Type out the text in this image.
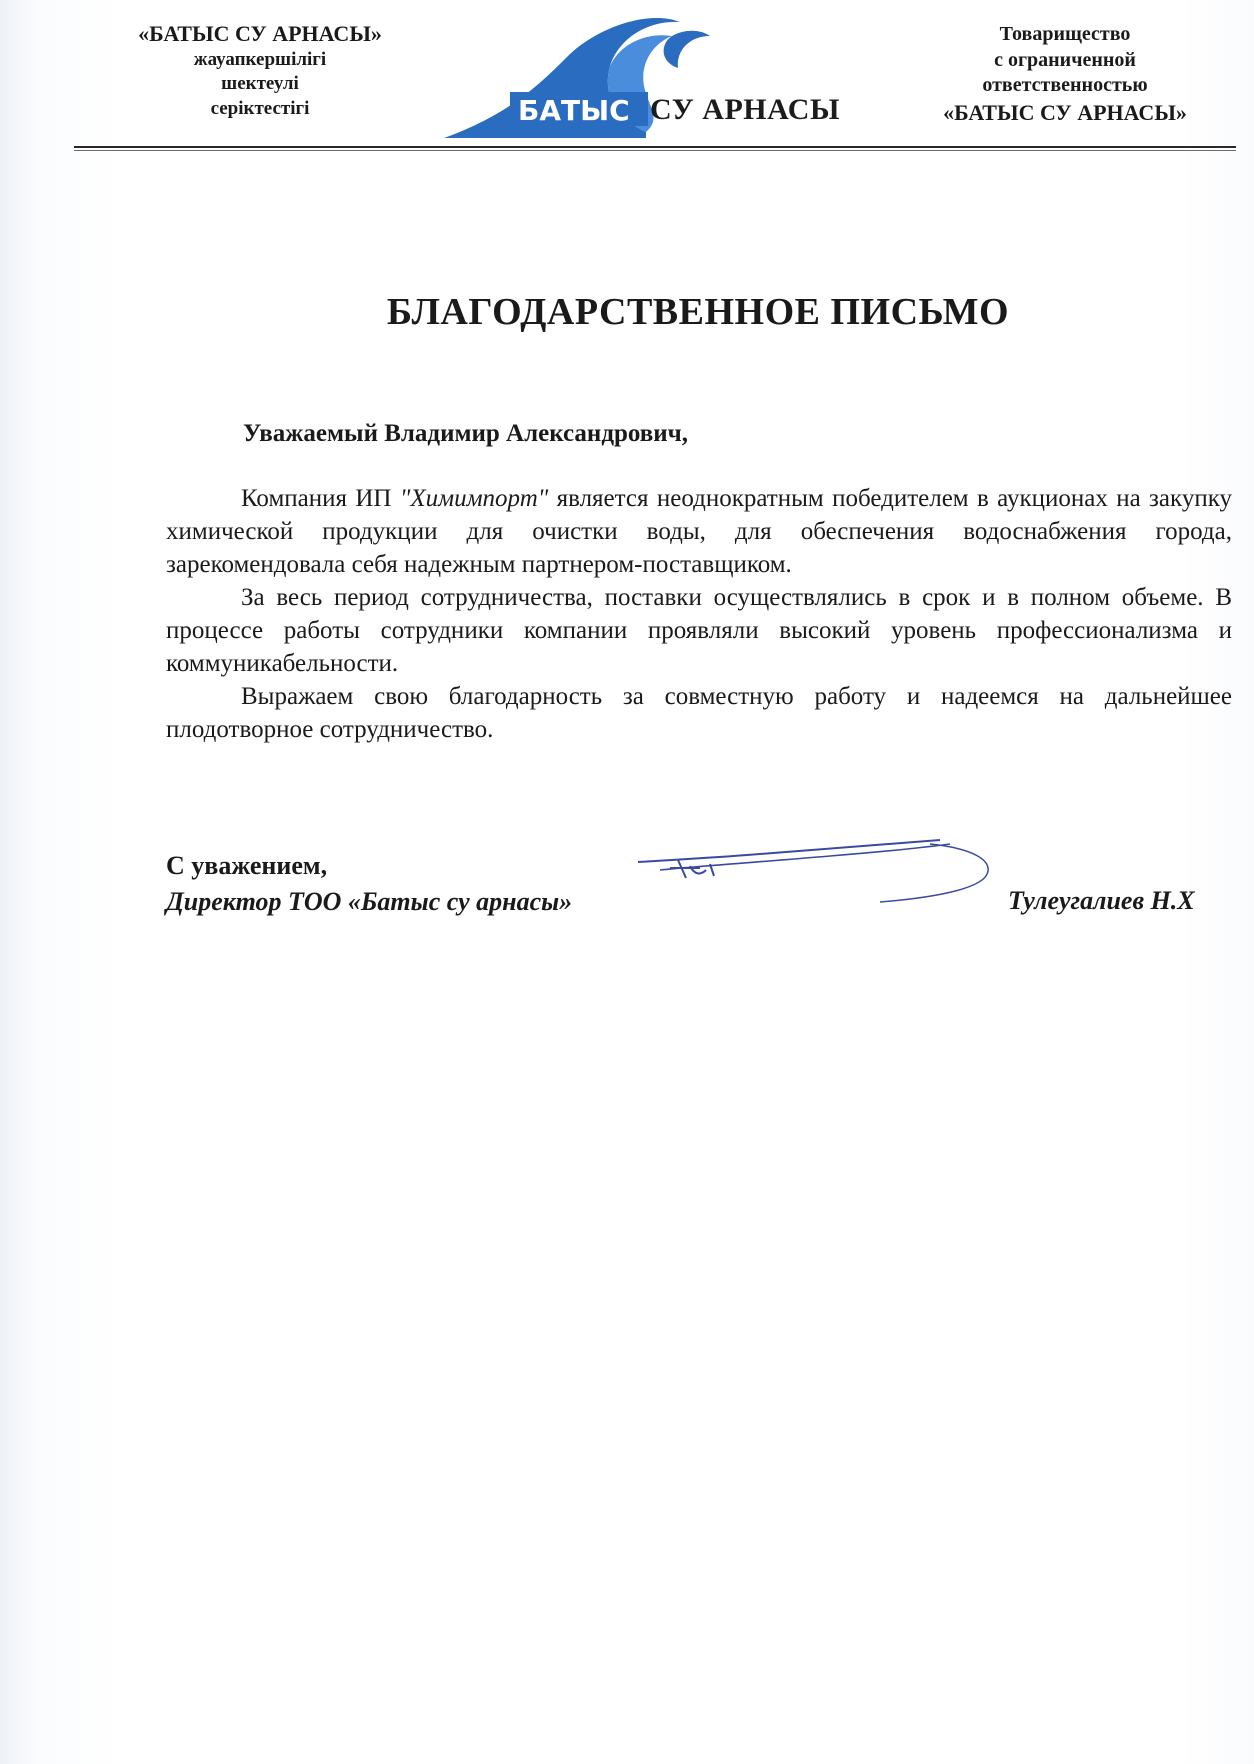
«БАТЫС СУ АРНАСЫ»
жауапкершілігі
шектеулі
серіктестігі	БАТЫС СУ АРНАСЫ
Товарищество
с ограниченной
ответственностью
«БАТЫС СУ АРНАСЫ»
БЛАГОДАРСТВЕННОЕ ПИСЬМО
Уважаемый Владимир Александрович,

Компания ИП "Химимпорт" является неоднократным победителем в аукционах на закупку химической продукции для очистки воды, для обеспечения водоснабжения города, зарекомендовала себя надежным партнером-поставщиком.

За весь период сотрудничества, поставки осуществлялись в срок и в полном объеме. В процессе работы сотрудники компании проявляли высокий уровень профессионализма и коммуникабельности.

Выражаем свою благодарность за совместную работу и надеемся на дальнейшее плодотворное сотрудничество.

С уважением,
Директор ТОО «Батыс су арнасы»	Тулеугалиев Н.Х
